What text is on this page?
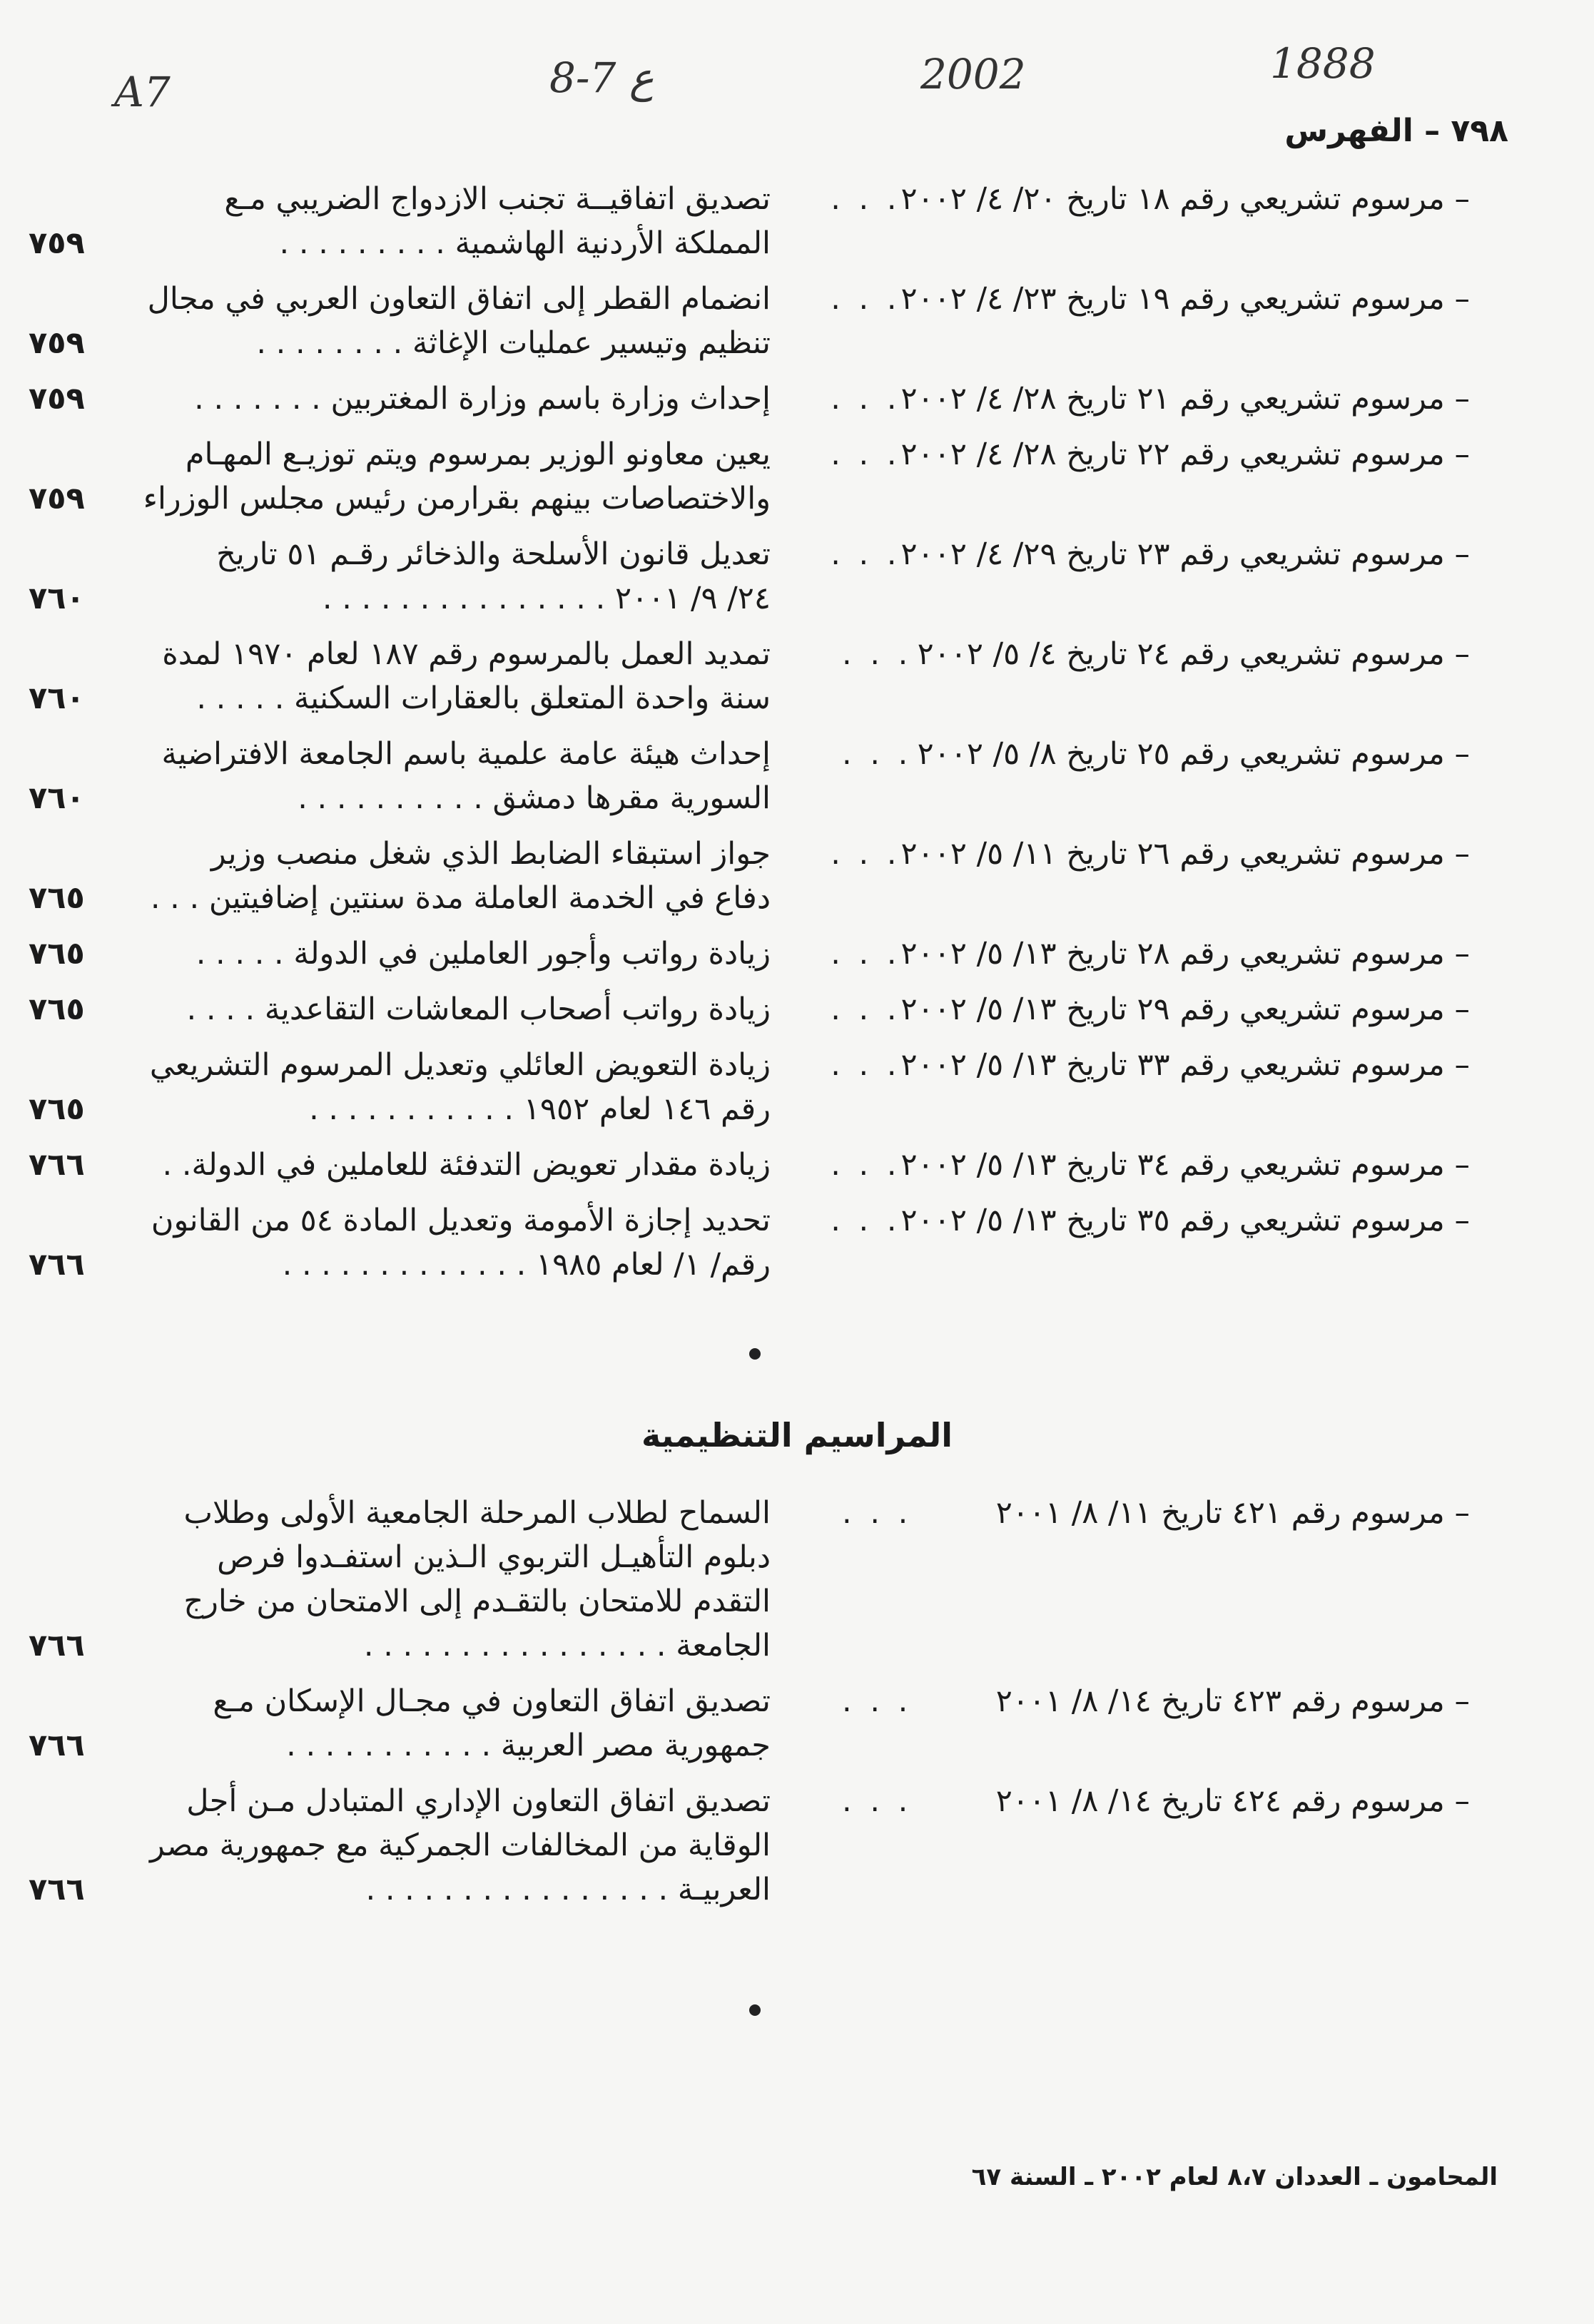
A7	8-7 ع	2002	1888
٧٩٨ – الفهرس
– مرسوم تشريعي رقم ١٨ تاريخ ٢٠/ ٤/ ٢٠٠٢
. . .
تصديق اتفاقيــة تجنب الازدواج الضريبي مـع
المملكة الأردنية الهاشمية . . . . . . . . .
٧٥٩
– مرسوم تشريعي رقم ١٩ تاريخ ٢٣/ ٤/ ٢٠٠٢
. . .
انضمام القطر إلى اتفاق التعاون العربي في مجال
تنظيم وتيسير عمليات الإغاثة . . . . . . . .
٧٥٩
– مرسوم تشريعي رقم ٢١ تاريخ ٢٨/ ٤/ ٢٠٠٢
. . .
إحداث وزارة باسم وزارة المغتربين . . . . . . .
٧٥٩
– مرسوم تشريعي رقم ٢٢ تاريخ ٢٨/ ٤/ ٢٠٠٢
. . .
يعين معاونو الوزير بمرسوم ويتم توزيـع المهـام
والاختصاصات بينهم بقرارمن رئيس مجلس الوزراء
٧٥٩
– مرسوم تشريعي رقم ٢٣ تاريخ ٢٩/ ٤/ ٢٠٠٢
. . .
تعديل قانون الأسلحة والذخائر رقـم ٥١ تاريخ
٢٤/ ٩/ ٢٠٠١ . . . . . . . . . . . . . . .
٧٦٠
– مرسوم تشريعي رقم ٢٤ تاريخ ٤/ ٥/ ٢٠٠٢
. . .
تمديد العمل بالمرسوم رقم ١٨٧ لعام ١٩٧٠ لمدة
سنة واحدة المتعلق بالعقارات السكنية . . . . .
٧٦٠
– مرسوم تشريعي رقم ٢٥ تاريخ ٨/ ٥/ ٢٠٠٢
. . .
إحداث هيئة عامة علمية باسم الجامعة الافتراضية
السورية مقرها دمشق . . . . . . . . . .
٧٦٠
– مرسوم تشريعي رقم ٢٦ تاريخ ١١/ ٥/ ٢٠٠٢
. . .
جواز استبقاء الضابط الذي شغل منصب وزير
دفاع في الخدمة العاملة مدة سنتين إضافيتين . . .
٧٦٥
– مرسوم تشريعي رقم ٢٨ تاريخ ١٣/ ٥/ ٢٠٠٢
. . .
زيادة رواتب وأجور العاملين في الدولة . . . . .
٧٦٥
– مرسوم تشريعي رقم ٢٩ تاريخ ١٣/ ٥/ ٢٠٠٢
. . .
زيادة رواتب أصحاب المعاشات التقاعدية . . . .
٧٦٥
– مرسوم تشريعي رقم ٣٣ تاريخ ١٣/ ٥/ ٢٠٠٢
. . .
زيادة التعويض العائلي وتعديل المرسوم التشريعي
رقم ١٤٦ لعام ١٩٥٢ . . . . . . . . . . .
٧٦٥
– مرسوم تشريعي رقم ٣٤ تاريخ ١٣/ ٥/ ٢٠٠٢
. . .
زيادة مقدار تعويض التدفئة للعاملين في الدولة. .
٧٦٦
– مرسوم تشريعي رقم ٣٥ تاريخ ١٣/ ٥/ ٢٠٠٢
. . .
تحديد إجازة الأمومة وتعديل المادة ٥٤ من القانون
رقم/ ١/ لعام ١٩٨٥ . . . . . . . . . . . . .
٧٦٦
المراسيم التنظيمية
– مرسوم رقم ٤٢١ تاريخ ١١/ ٨/ ٢٠٠١
. . .
السماح لطلاب المرحلة الجامعية الأولى وطلاب
دبلوم التأهيـل التربوي الـذين استفـدوا فرص
التقدم للامتحان بالتقـدم إلى الامتحان من خارج
الجامعة . . . . . . . . . . . . . . . .
٧٦٦
– مرسوم رقم ٤٢٣ تاريخ ١٤/ ٨/ ٢٠٠١
. . .
تصديق اتفاق التعاون في مجـال الإسكان مـع
جمهورية مصر العربية . . . . . . . . . . .
٧٦٦
– مرسوم رقم ٤٢٤ تاريخ ١٤/ ٨/ ٢٠٠١
. . .
تصديق اتفاق التعاون الإداري المتبادل مـن أجل
الوقاية من المخالفات الجمركية مع جمهورية مصر
العربيـة . . . . . . . . . . . . . . . .
٧٦٦
المحامون ـ العددان ٨،٧ لعام ٢٠٠٢ ـ السنة ٦٧
